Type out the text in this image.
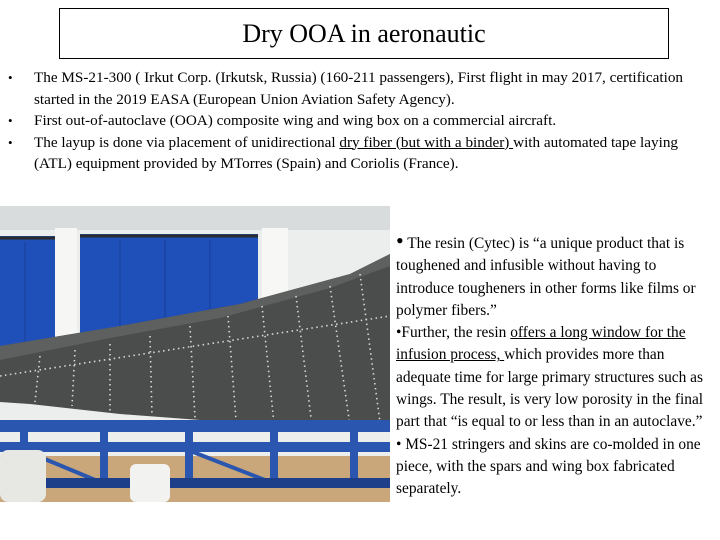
Dry OOA in aeronautic
•	The MS-21-300 ( Irkut Corp. (Irkutsk, Russia) (160-211 passengers), First flight in may 2017, certification started in the 2019 EASA (European Union Aviation Safety Agency).
•	First out-of-autoclave (OOA) composite wing and wing box on a commercial aircraft.
•	The layup is done via placement of unidirectional dry fiber (but with a binder) with automated tape laying (ATL) equipment provided by MTorres (Spain) and Coriolis (France).

• The resin (Cytec) is “a unique product that is toughened and infusible without having to introduce tougheners in other forms like films or polymer fibers.”

•Further, the resin offers a long window for the infusion process, which provides more than adequate time for large primary structures such as wings. The result, is very low porosity in the final part that “is equal to or less than in an autoclave.”

• MS-21 stringers and skins are co-molded in one piece, with the spars and wing box fabricated separately.
